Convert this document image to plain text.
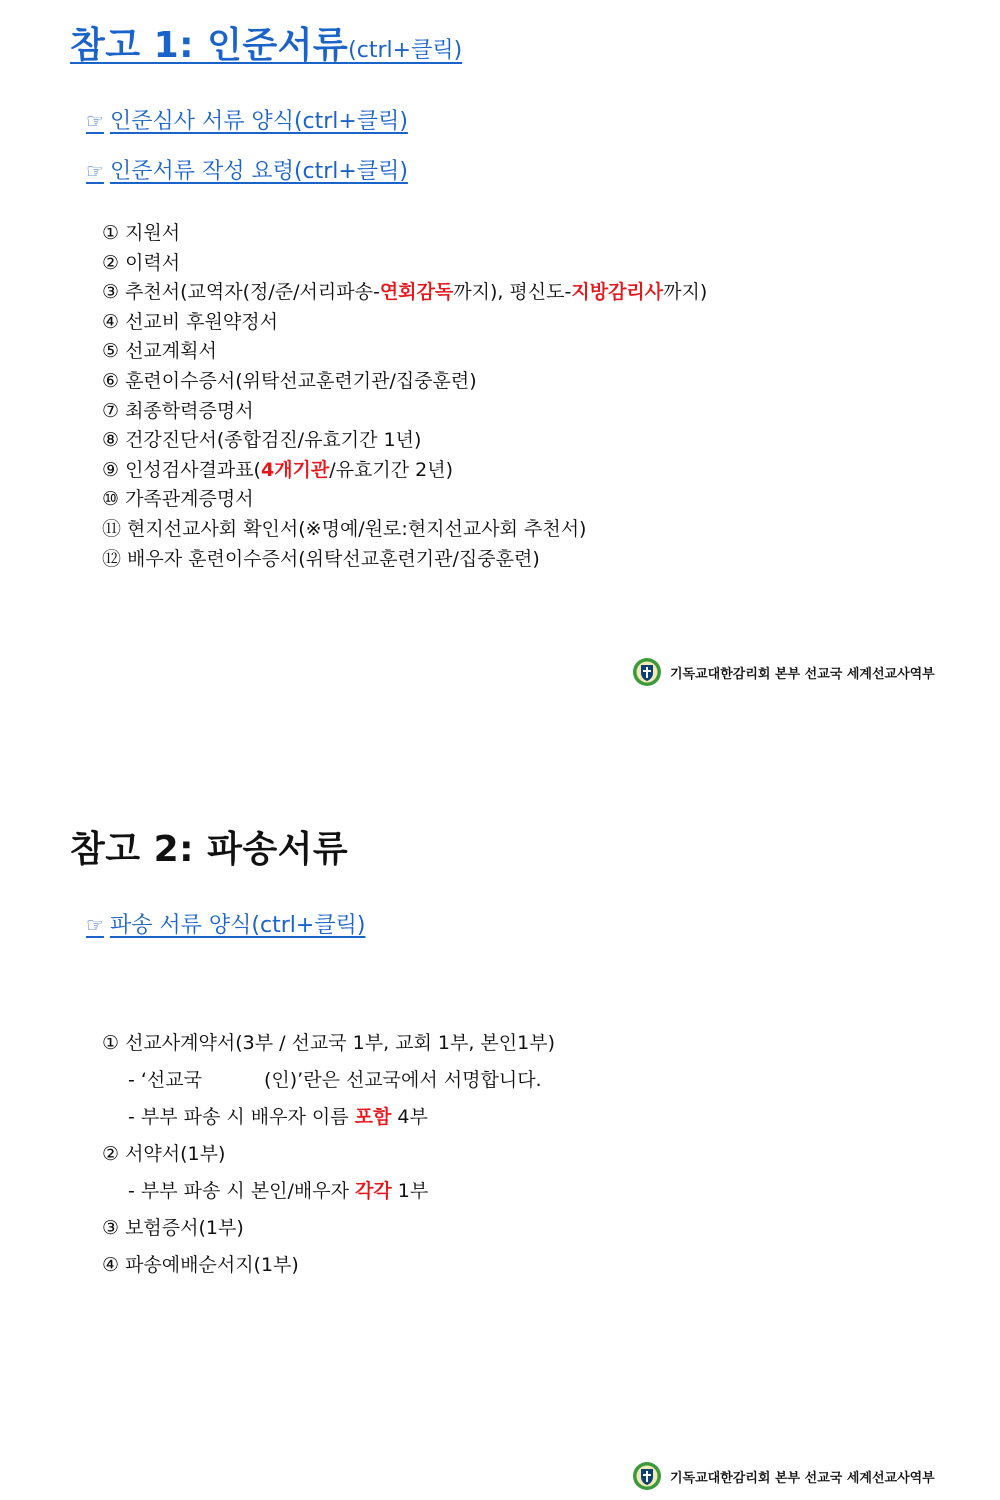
참고 1: 인준서류(ctrl+클릭)
☞ 인준심사 서류 양식(ctrl+클릭)
☞ 인준서류 작성 요령(ctrl+클릭)
① 지원서
② 이력서
③ 추천서(교역자(정/준/서리파송-연회감독까지), 평신도-지방감리사까지)
④ 선교비 후원약정서
⑤ 선교계획서
⑥ 훈련이수증서(위탁선교훈련기관/집중훈련)
⑦ 최종학력증명서
⑧ 건강진단서(종합검진/유효기간 1년)
⑨ 인성검사결과표(4개기관/유효기간 2년)
⑩ 가족관계증명서
⑪ 현지선교사회 확인서(※명예/원로:현지선교사회 추천서)
⑫ 배우자 훈련이수증서(위탁선교훈련기관/집중훈련)
기독교대한감리회 본부 선교국 세계선교사역부
참고 2: 파송서류
☞ 파송 서류 양식(ctrl+클릭)
① 선교사계약서(3부 / 선교국 1부, 교회 1부, 본인1부)
- ‘선교국	(인)’란은 선교국에서 서명합니다.
- 부부 파송 시 배우자 이름 포함 4부
② 서약서(1부)
- 부부 파송 시 본인/배우자 각각 1부
③ 보험증서(1부)
④ 파송예배순서지(1부)
기독교대한감리회 본부 선교국 세계선교사역부
